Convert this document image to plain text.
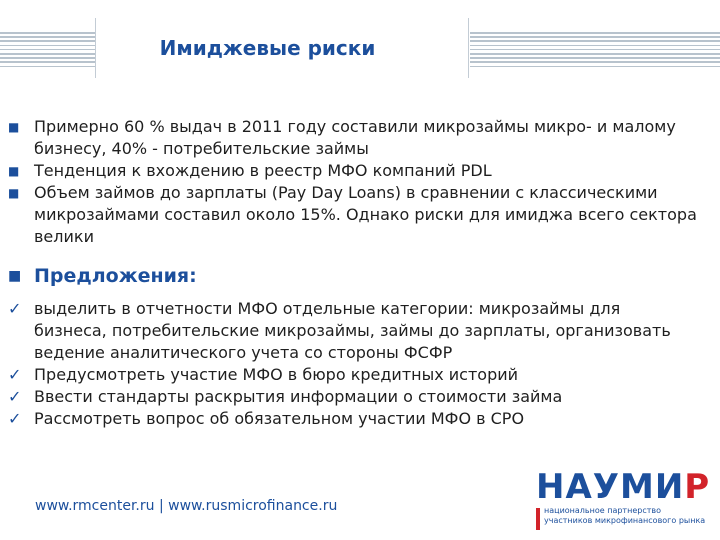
Имиджевые риски
■ Примерно 60 % выдач в 2011 году составили микрозаймы микро- и малому бизнесу, 40% - потребительские займы
■ Тенденция к вхождению в реестр МФО компаний PDL
■ Объем займов до зарплаты (Pay Day Loans) в сравнении с классическими микрозаймами составил около 15%. Однако риски для имиджа всего сектора велики
■ Предложения:
✓ выделить в отчетности МФО отдельные категории: микрозаймы для бизнеса, потребительские микрозаймы, займы до зарплаты, организовать ведение аналитического учета со стороны ФСФР
✓ Предусмотреть участие МФО в бюро кредитных историй
✓ Ввести стандарты раскрытия информации о стоимости займа
✓ Рассмотреть вопрос об обязательном участии МФО в СРО
www.rmcenter.ru | www.rusmicrofinance.ru	НАУМИР
национальное партнерство
участников микрофинансового рынка
